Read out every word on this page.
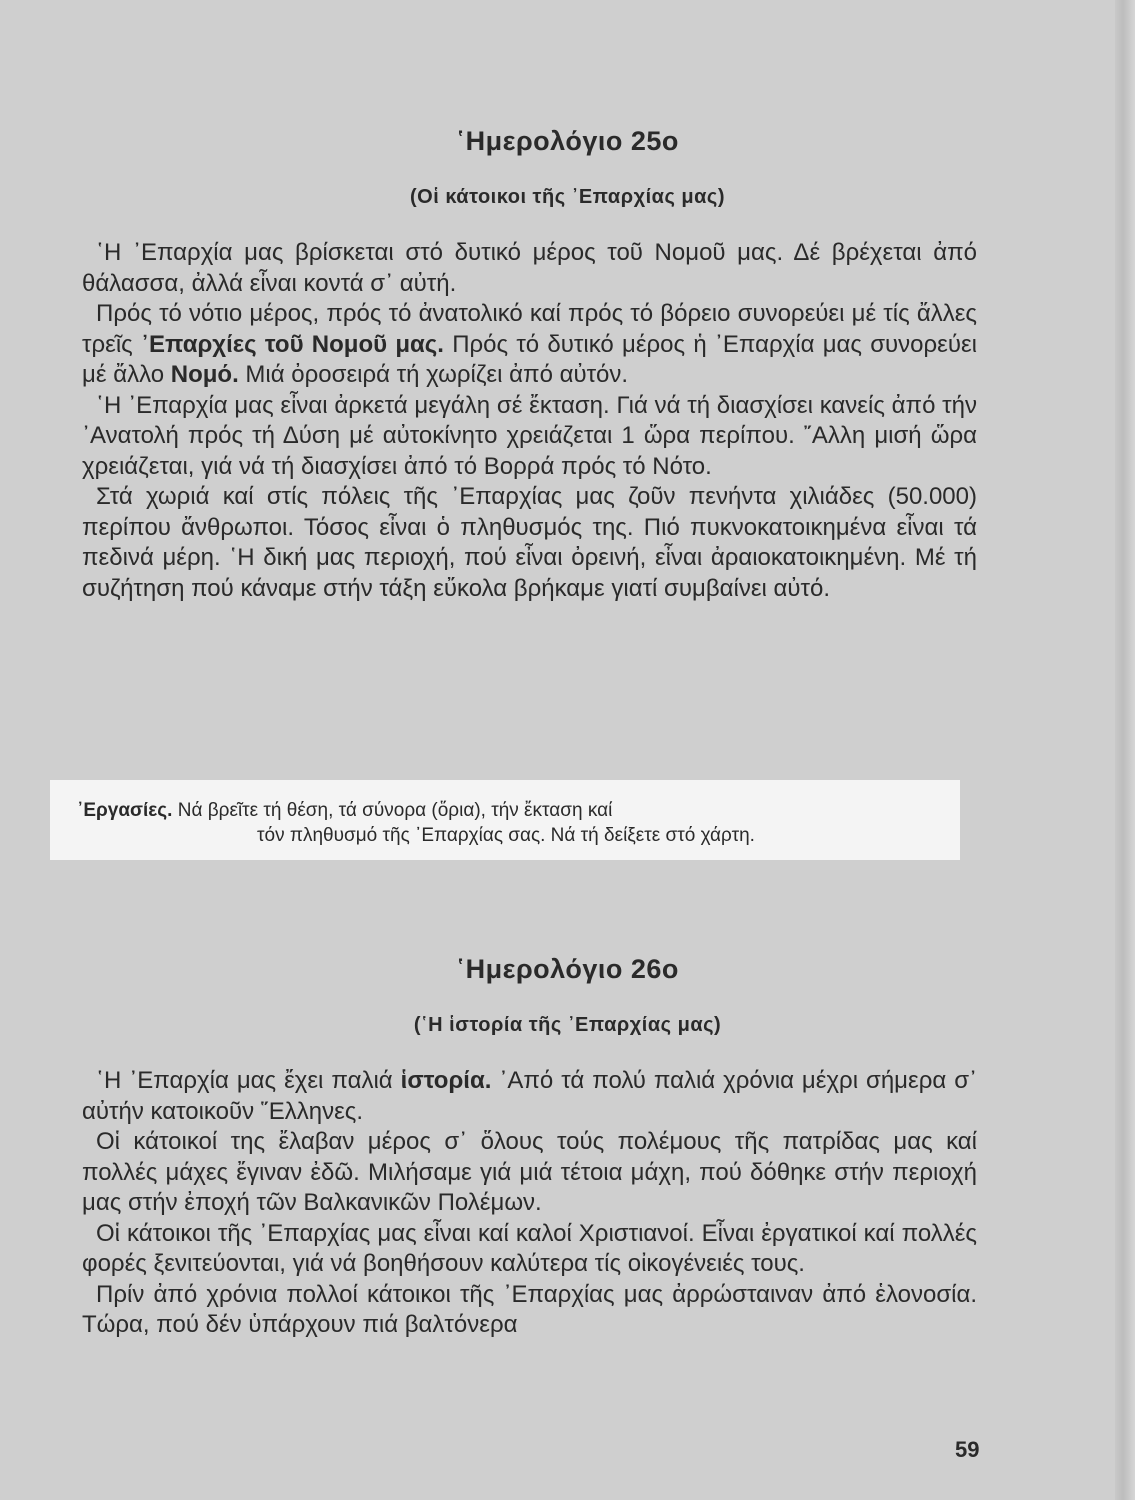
῾Ημερολόγιο 25ο
(Οἱ κάτοικοι τῆς ᾿Επαρχίας μας)

῾Η ᾿Επαρχία μας βρίσκεται στό δυτικό μέρος τοῦ Νομοῦ μας. Δέ βρέχεται ἀπό θάλασσα, ἀλλά εἶναι κοντά σ᾿ αὐτή.

Πρός τό νότιο μέρος, πρός τό ἀνατολικό καί πρός τό βόρειο συνορεύει μέ τίς ἄλλες τρεῖς ᾿Επαρχίες τοῦ Νομοῦ μας. Πρός τό δυτικό μέρος ἡ ᾿Επαρχία μας συνορεύει μέ ἄλλο Νομό. Μιά ὀροσειρά τή χωρίζει ἀπό αὐτόν.

῾Η ᾿Επαρχία μας εἶναι ἀρκετά μεγάλη σέ ἔκταση. Γιά νά τή διασχίσει κανείς ἀπό τήν ᾿Ανατολή πρός τή Δύση μέ αὐτοκίνητο χρειάζεται 1 ὥρα περίπου. ῎Αλλη μισή ὥρα χρειάζεται, γιά νά τή διασχίσει ἀπό τό Βορρά πρός τό Νότο.

Στά χωριά καί στίς πόλεις τῆς ᾿Επαρχίας μας ζοῦν πενήντα χιλιάδες (50.000) περίπου ἄνθρωποι. Τόσος εἶναι ὁ πληθυσμός της. Πιό πυκνοκατοικημένα εἶναι τά πεδινά μέρη. ῾Η δική μας περιοχή, πού εἶναι ὀρεινή, εἶναι ἀραιοκατοικημένη. Μέ τή συζήτηση πού κάναμε στήν τάξη εὔκολα βρήκαμε γιατί συμβαίνει αὐτό.

᾿Εργασίες. Νά βρεῖτε τή θέση, τά σύνορα (ὅρια), τήν ἔκταση καί
τόν πληθυσμό τῆς ᾿Επαρχίας σας. Νά τή δείξετε στό χάρτη.
῾Ημερολόγιο 26ο
(῾Η ἱστορία τῆς ᾿Επαρχίας μας)

῾Η ᾿Επαρχία μας ἔχει παλιά ἱστορία. ᾿Από τά πολύ παλιά χρόνια μέχρι σήμερα σ᾿ αὐτήν κατοικοῦν ῞Ελληνες.

Οἱ κάτοικοί της ἔλαβαν μέρος σ᾿ ὅλους τούς πολέμους τῆς πατρίδας μας καί πολλές μάχες ἔγιναν ἐδῶ. Μιλήσαμε γιά μιά τέτοια μάχη, πού δόθηκε στήν περιοχή μας στήν ἐποχή τῶν Βαλκανικῶν Πολέμων.

Οἱ κάτοικοι τῆς ᾿Επαρχίας μας εἶναι καί καλοί Χριστιανοί. Εἶναι ἐργατικοί καί πολλές φορές ξενιτεύονται, γιά νά βοηθήσουν καλύτερα τίς οἰκογένειές τους.

Πρίν ἀπό χρόνια πολλοί κάτοικοι τῆς ᾿Επαρχίας μας ἀρρώσταιναν ἀπό ἑλονοσία. Τώρα, πού δέν ὑπάρχουν πιά βαλτόνερα

59
